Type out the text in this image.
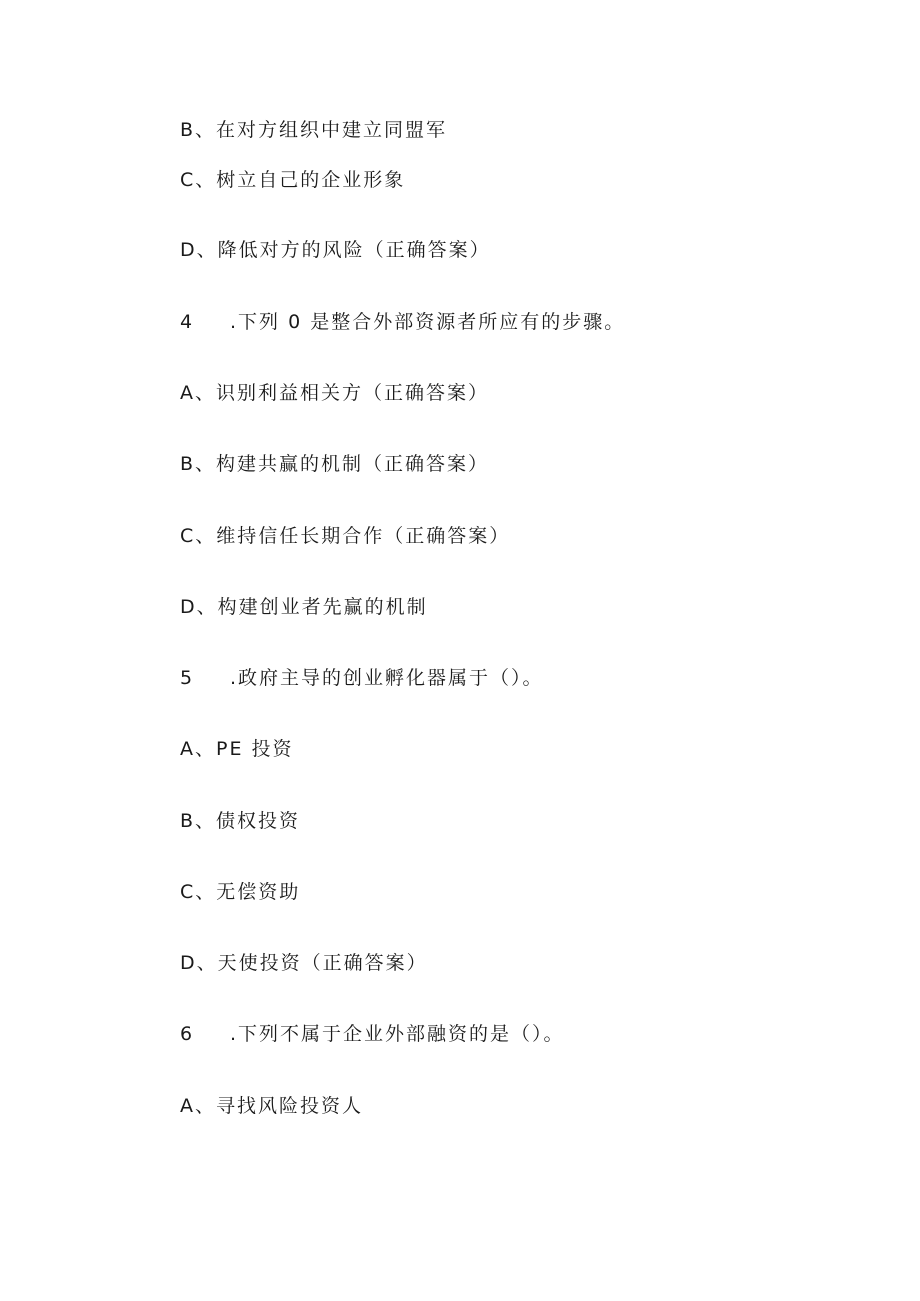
B、在对方组织中建立同盟军
C、树立自己的企业形象
D、降低对方的风险（正确答案）
4 .下列 0 是整合外部资源者所应有的步骤。
A、识别利益相关方（正确答案）
B、构建共赢的机制（正确答案）
C、维持信任长期合作（正确答案）
D、构建创业者先赢的机制
5 .政府主导的创业孵化器属于（）。
A、PE 投资
B、债权投资
C、无偿资助
D、天使投资（正确答案）
6 .下列不属于企业外部融资的是（）。
A、寻找风险投资人
